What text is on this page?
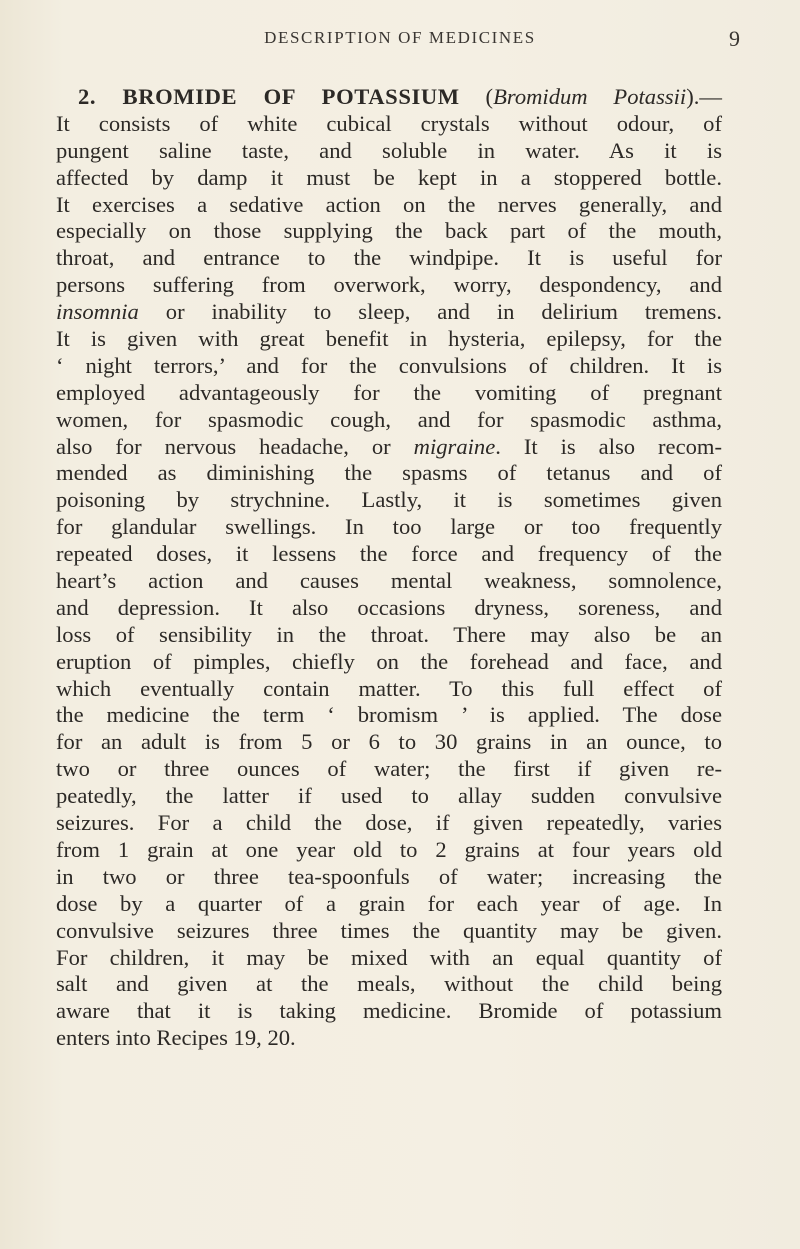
DESCRIPTION OF MEDICINES	9
2. BROMIDE OF POTASSIUM (Bromidum Potassii).—
It consists of white cubical crystals without odour, of
pungent saline taste, and soluble in water. As it is
affected by damp it must be kept in a stoppered bottle.
It exercises a sedative action on the nerves generally, and
especially on those supplying the back part of the mouth,
throat, and entrance to the windpipe. It is useful for
persons suffering from overwork, worry, despondency, and
insomnia or inability to sleep, and in delirium tremens.
It is given with great benefit in hysteria, epilepsy, for the
‘ night terrors,’ and for the convulsions of children. It is
employed advantageously for the vomiting of pregnant
women, for spasmodic cough, and for spasmodic asthma,
also for nervous headache, or migraine. It is also recom-
mended as diminishing the spasms of tetanus and of
poisoning by strychnine. Lastly, it is sometimes given
for glandular swellings. In too large or too frequently
repeated doses, it lessens the force and frequency of the
heart’s action and causes mental weakness, somnolence,
and depression. It also occasions dryness, soreness, and
loss of sensibility in the throat. There may also be an
eruption of pimples, chiefly on the forehead and face, and
which eventually contain matter. To this full effect of
the medicine the term ‘ bromism ’ is applied. The dose
for an adult is from 5 or 6 to 30 grains in an ounce, to
two or three ounces of water; the first if given re-
peatedly, the latter if used to allay sudden convulsive
seizures. For a child the dose, if given repeatedly, varies
from 1 grain at one year old to 2 grains at four years old
in two or three tea-spoonfuls of water; increasing the
dose by a quarter of a grain for each year of age. In
convulsive seizures three times the quantity may be given.
For children, it may be mixed with an equal quantity of
salt and given at the meals, without the child being
aware that it is taking medicine. Bromide of potassium
enters into Recipes 19, 20.
